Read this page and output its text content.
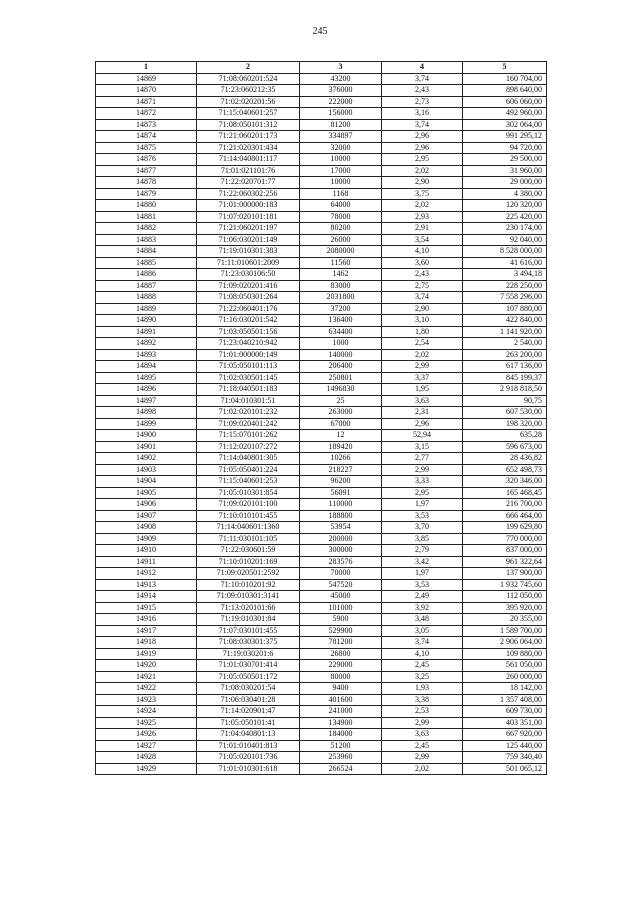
245
1	2	3	4	5
14869	71:08:060201:524	43200	3,74	160 704,00
14870	71:23:060212:35	376000	2,43	898 640,00
14871	71:02:020201:56	222000	2,73	606 060,00
14872	71:15:040601:257	156000	3,16	492 960,00
14873	71:08:050101:312	81200	3,74	302 064,00
14874	71:21:060201:173	334897	2,96	991 295,12
14875	71:21:020301:434	32000	2,96	94 720,00
14876	71:14:040801:117	10000	2,95	29 500,00
14877	71:01:021101:76	17000	2,02	31 960,00
14878	71:22:020701:77	10000	2,90	29 000,00
14879	71:22:060302:256	1168	3,75	4 380,00
14880	71:01:000000:183	64000	2,02	120 320,00
14881	71:07:020101:181	78000	2,93	225 420,00
14882	71:21:060201:197	80200	2,91	230 174,00
14883	71:06:030201:149	26000	3,54	92 040,00
14884	71:19:010301:383	2080000	4,10	8 528 000,00
14885	71:11:010601:2009	11560	3,60	41 616,00
14886	71:23:030106:50	1462	2,43	3 494,18
14887	71:09:020201:416	83000	2,75	228 250,00
14888	71:08:050301:264	2031800	3,74	7 558 296,00
14889	71:22:060401:176	37200	2,90	107 880,00
14890	71:16:030201:542	136400	3,10	422 840,00
14891	71:03:050501:156	634400	1,80	1 141 920,00
14892	71:23:040210:942	1000	2,54	2 540,00
14893	71:01:000000:149	140000	2,02	263 200,00
14894	71:05:050101:113	206400	2,99	617 136,00
14895	71:02:030501:145	250801	3,37	845 199,37
14896	71:18:040501:183	1496830	1,95	2 918 818,50
14897	71:04:010301:51	25	3,63	90,75
14898	71:02:020101:232	263000	2,31	607 530,00
14899	71:09:020401:242	67000	2,96	198 320,00
14900	71:15:070101:262	12	52,94	635,28
14901	71:12:020107:272	189420	3,15	596 673,00
14902	71:14:040801:305	10266	2,77	28 436,82
14903	71:05:050401:224	218227	2,99	652 498,73
14904	71:15:040601:253	96200	3,33	320 346,00
14905	71:05:010301:854	56091	2,95	165 468,45
14906	71:09:020101:100	110000	1,97	216 700,00
14907	71:10:010101:455	188800	3,53	666 464,00
14908	71:14:040601:1360	53954	3,70	199 629,80
14909	71:11:030101:105	200000	3,85	770 000,00
14910	71:22:030601:59	300000	2,79	837 000,00
14911	71:10:010201:169	283576	3,42	961 322,64
14912	71:09:020501:2592	70000	1,97	137 900,00
14913	71:10:010201:92	547520	3,53	1 932 745,60
14914	71:09:010301:3141	45000	2,49	112 050,00
14915	71:13:020101:66	101000	3,92	395 920,00
14916	71:19:010301:84	5900	3,48	20 355,00
14917	71:07:030101:455	529900	3,05	1 589 700,00
14918	71:08:030301:375	781200	3,74	2 906 064,00
14919	71:19:030201:6	26800	4,10	109 880,00
14920	71:01:030701:414	229000	2,45	561 050,00
14921	71:05:050501:172	80000	3,25	260 000,00
14922	71:08:030201:54	9400	1,93	18 142,00
14923	71:06:030401:28	401600	3,38	1 357 408,00
14924	71:14:020901:47	241000	2,53	609 730,00
14925	71:05:050101:41	134900	2,99	403 351,00
14926	71:04:040801:13	184000	3,63	667 920,00
14927	71:01:010401:813	51200	2,45	125 440,00
14928	71:05:020101:736	253960	2,99	759 340,40
14929	71:01:010301:618	266524	2,02	501 065,12
